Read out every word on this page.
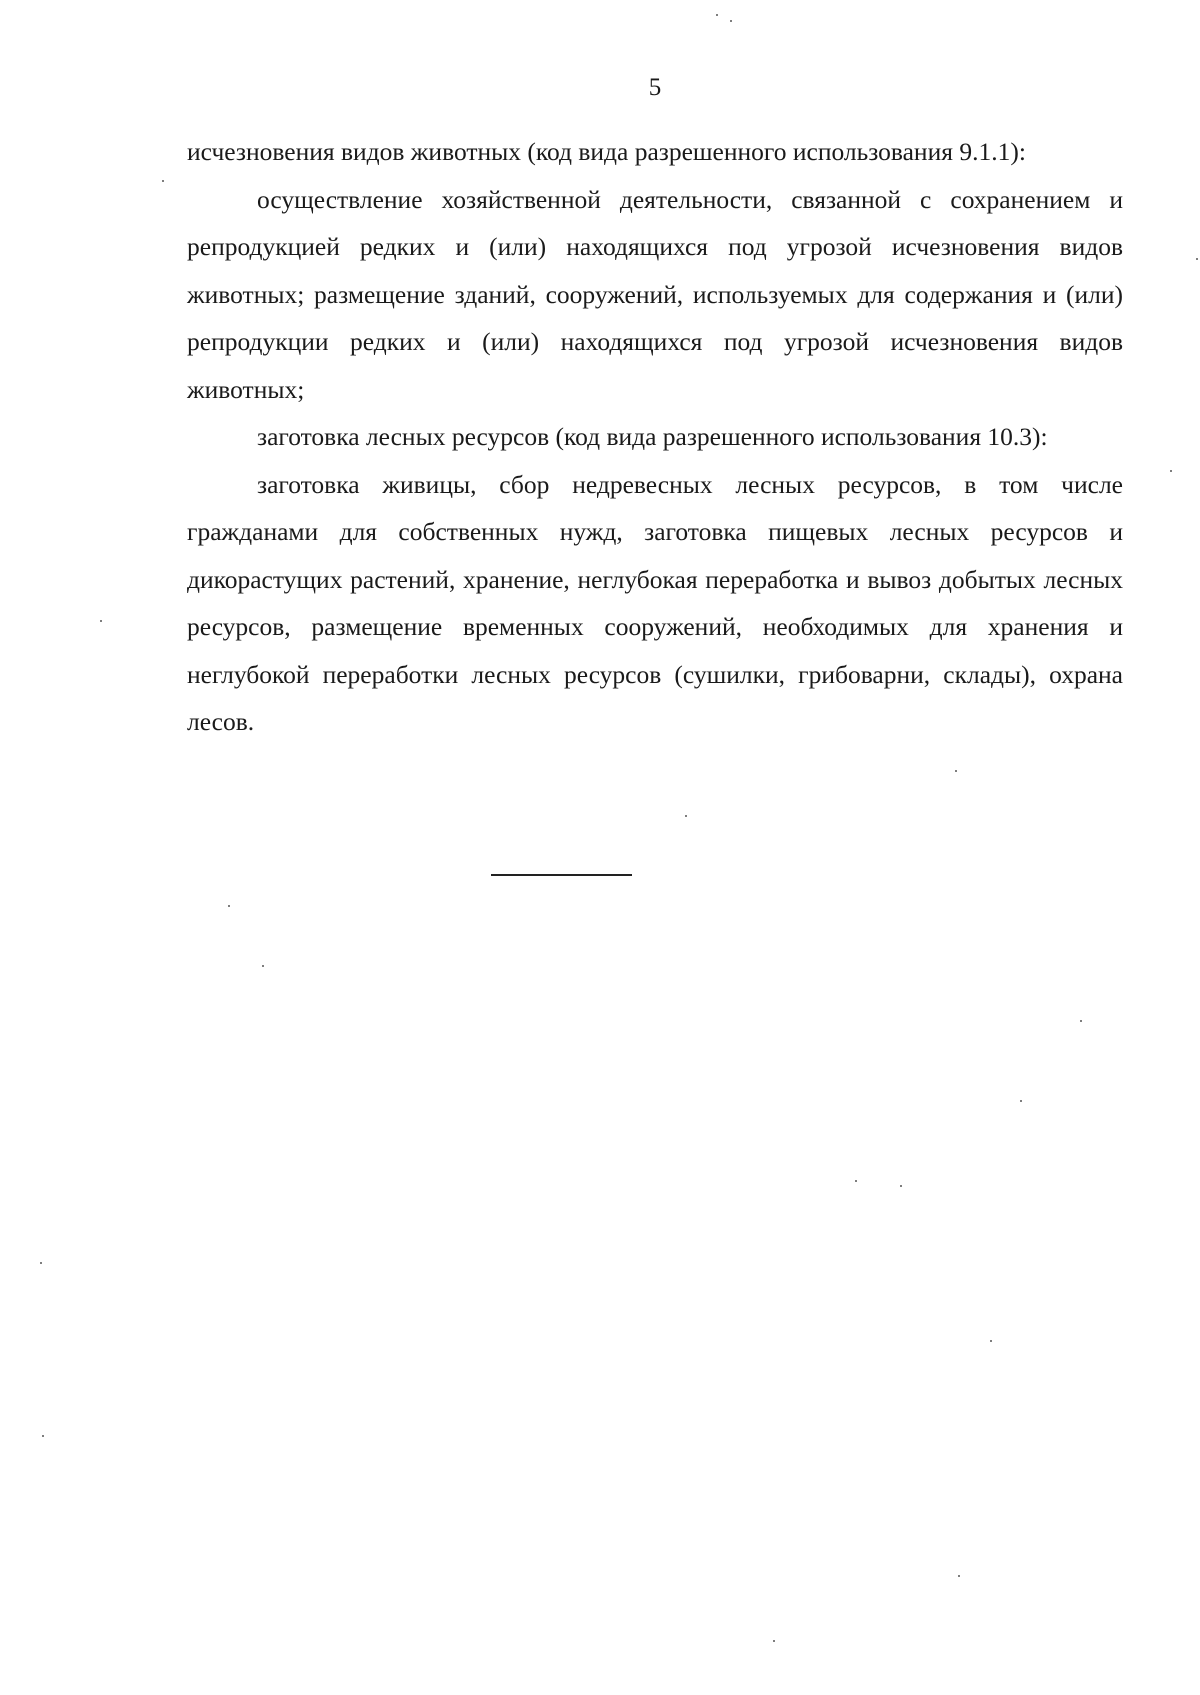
5

исчезновения видов животных (код вида разрешенного использования 9.1.1):

осуществление хозяйственной деятельности, связанной с сохранением и репродукцией редких и (или) находящихся под угрозой исчезновения видов животных; размещение зданий, сооружений, используемых для содержания и (или) репродукции редких и (или) находящихся под угрозой исчезновения видов животных;

заготовка лесных ресурсов (код вида разрешенного использования 10.3):

заготовка живицы, сбор недревесных лесных ресурсов, в том числе гражданами для собственных нужд, заготовка пищевых лесных ресурсов и дикорастущих растений, хранение, неглубокая переработка и вывоз добытых лесных ресурсов, размещение временных сооружений, необходимых для хранения и неглубокой переработки лесных ресурсов (сушилки, грибоварни, склады), охрана лесов.
